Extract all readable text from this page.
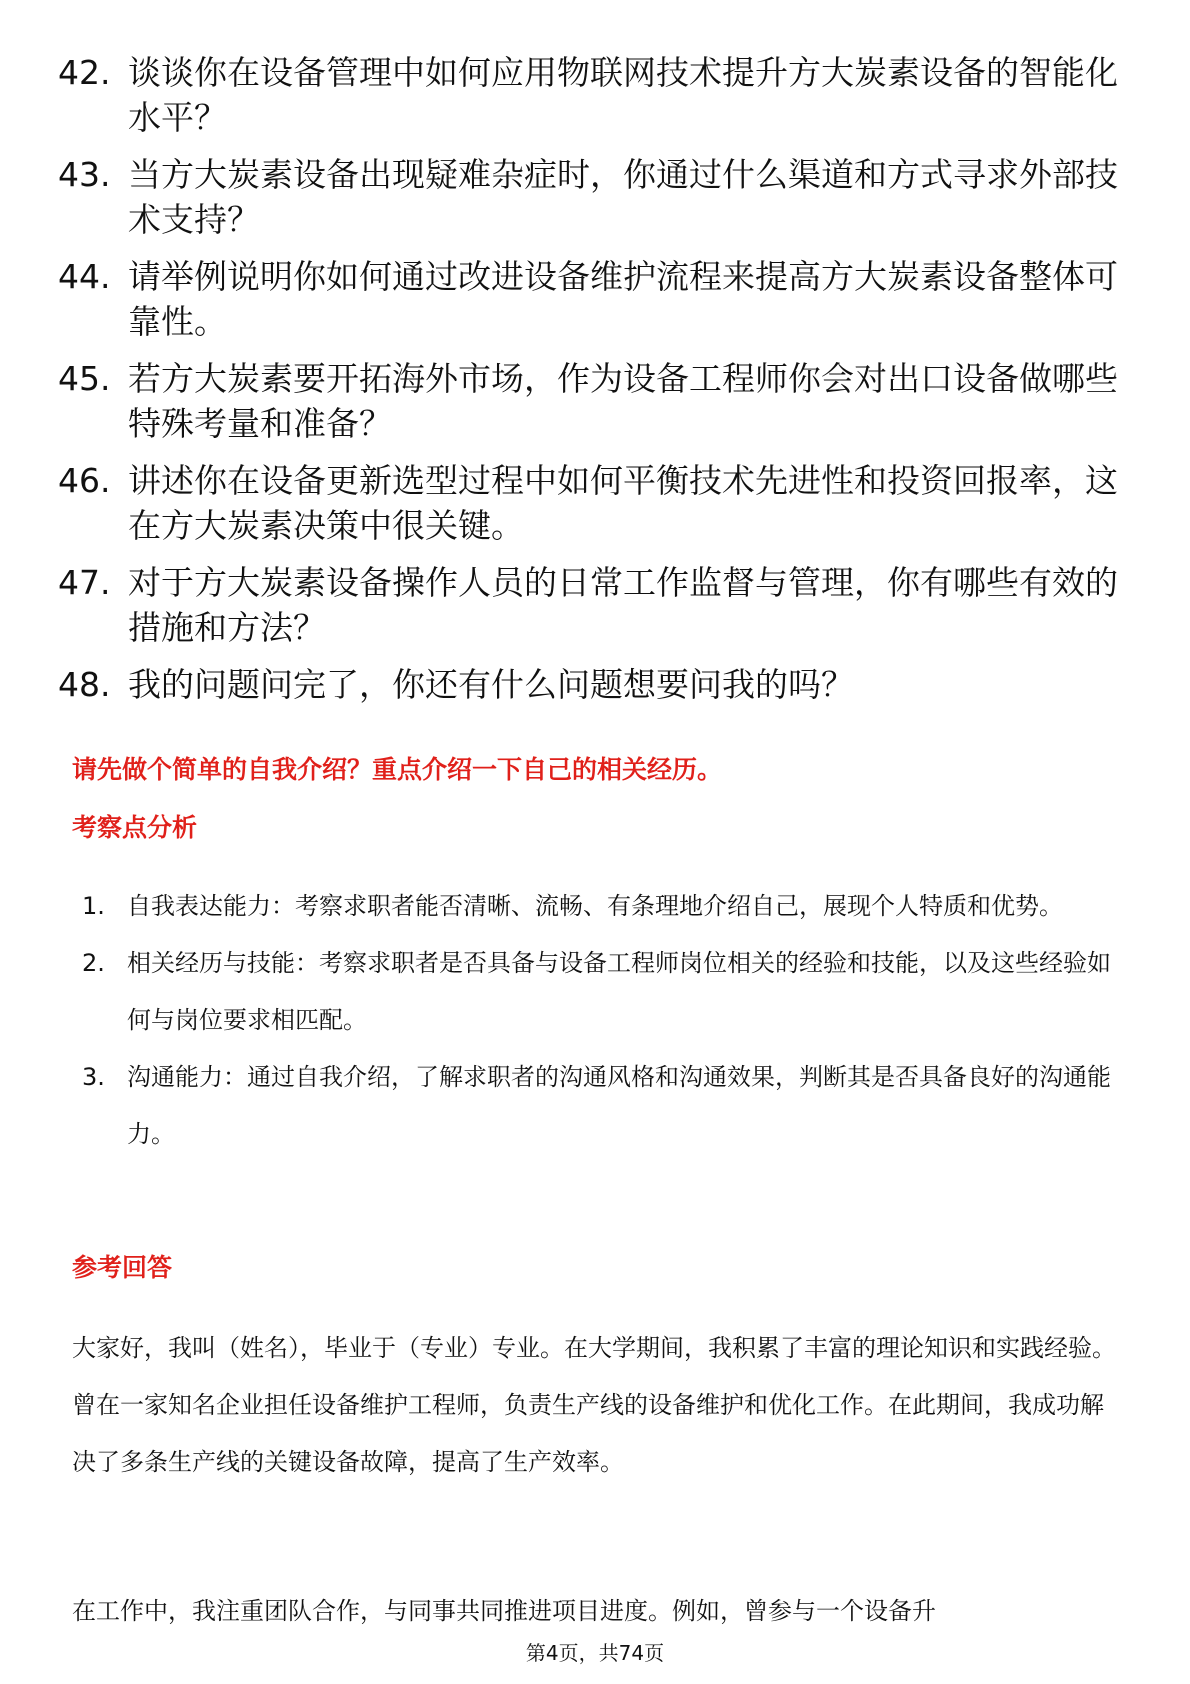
42. 谈谈你在设备管理中如何应用物联网技术提升方大炭素设备的智能化水平？
43. 当方大炭素设备出现疑难杂症时，你通过什么渠道和方式寻求外部技术支持？
44. 请举例说明你如何通过改进设备维护流程来提高方大炭素设备整体可靠性。
45. 若方大炭素要开拓海外市场，作为设备工程师你会对出口设备做哪些特殊考量和准备？
46. 讲述你在设备更新选型过程中如何平衡技术先进性和投资回报率，这在方大炭素决策中很关键。
47. 对于方大炭素设备操作人员的日常工作监督与管理，你有哪些有效的措施和方法？
48. 我的问题问完了，你还有什么问题想要问我的吗？
请先做个简单的自我介绍？重点介绍一下自己的相关经历。
考察点分析
1. 自我表达能力：考察求职者能否清晰、流畅、有条理地介绍自己，展现个人特质和优势。
2. 相关经历与技能：考察求职者是否具备与设备工程师岗位相关的经验和技能，以及这些经验如何与岗位要求相匹配。
3. 沟通能力：通过自我介绍，了解求职者的沟通风格和沟通效果，判断其是否具备良好的沟通能力。
参考回答

大家好，我叫（姓名），毕业于（专业）专业。在大学期间，我积累了丰富的理论知识和实践经验。曾在一家知名企业担任设备维护工程师，负责生产线的设备维护和优化工作。在此期间，我成功解决了多条生产线的关键设备故障，提高了生产效率。

在工作中，我注重团队合作，与同事共同推进项目进度。例如，曾参与一个设备升

第4页，共74页
